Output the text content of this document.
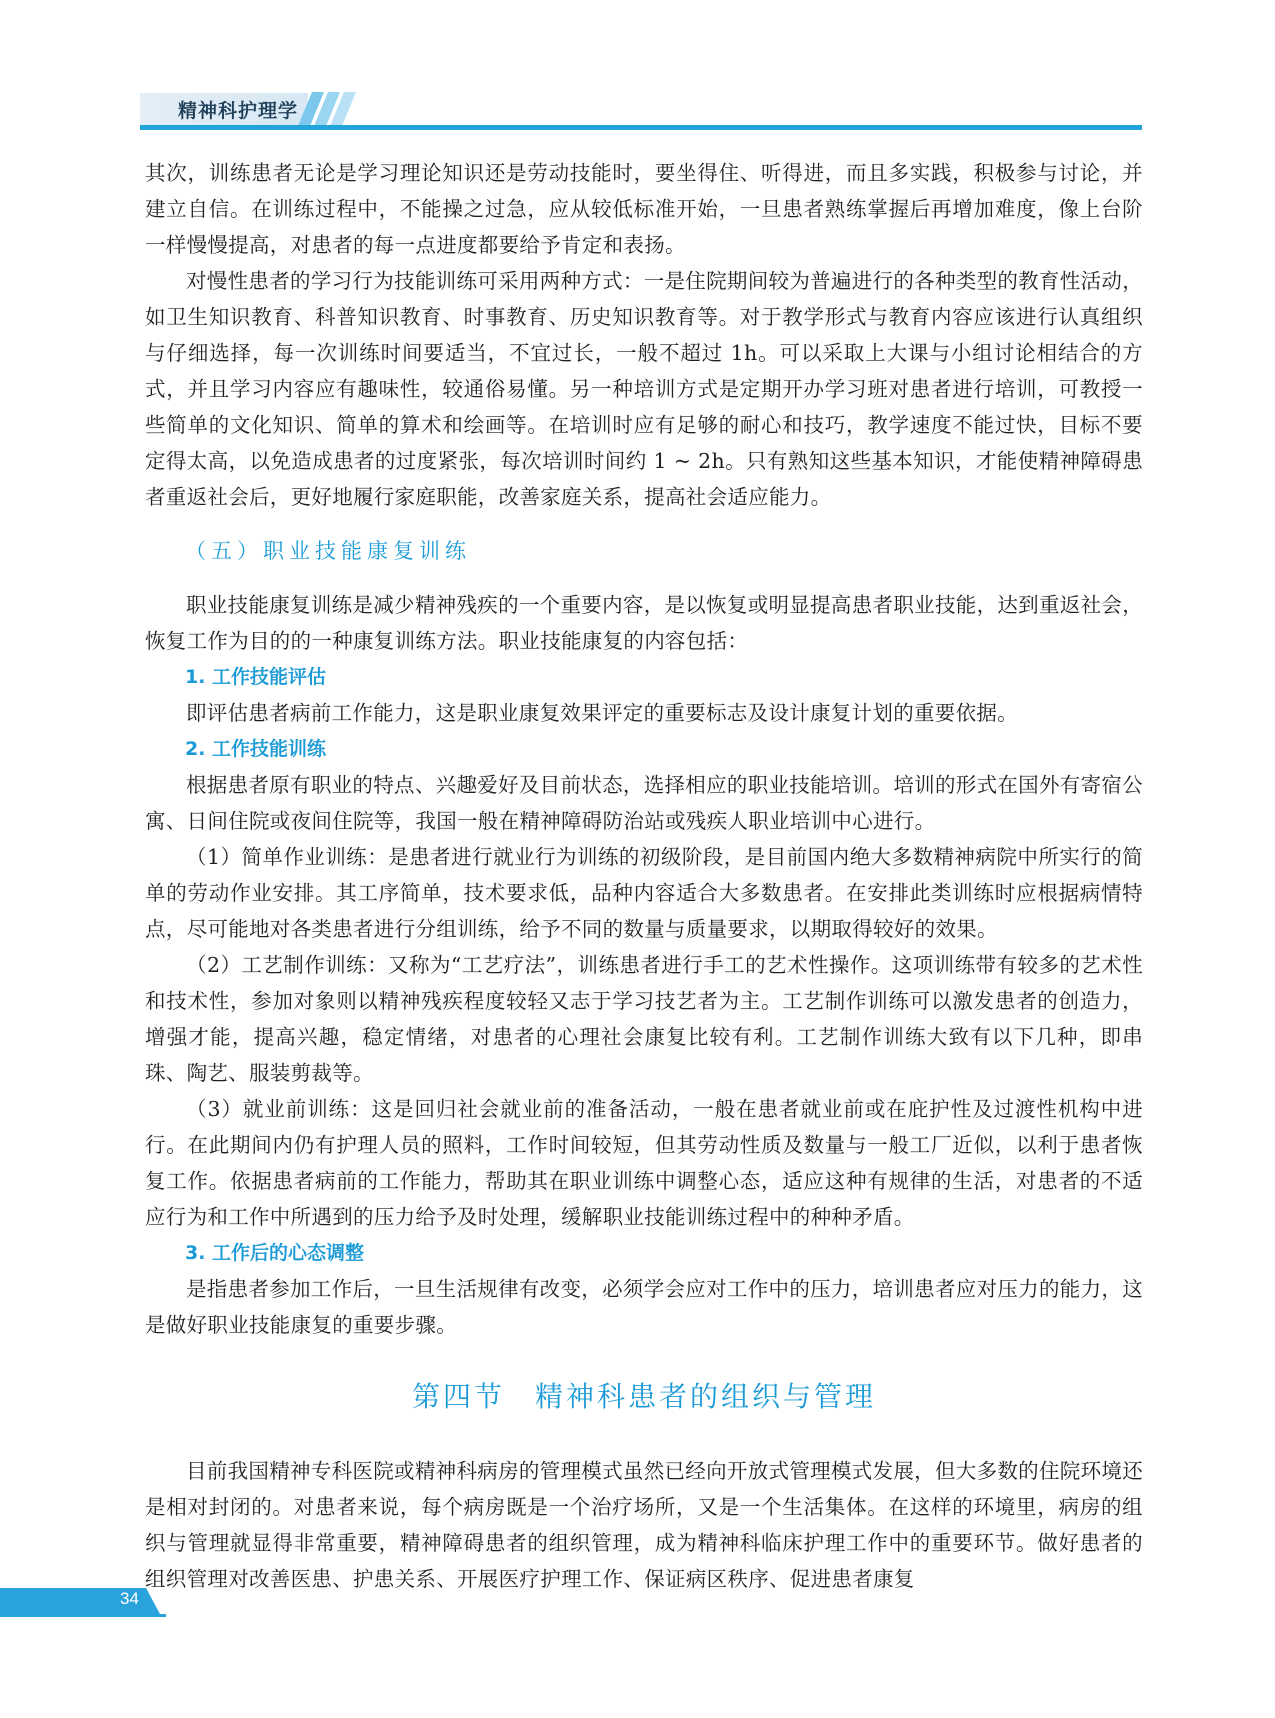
精神科护理学

其次，训练患者无论是学习理论知识还是劳动技能时，要坐得住、听得进，而且多实践，积极参与讨论，并建立自信。在训练过程中，不能操之过急，应从较低标准开始，一旦患者熟练掌握后再增加难度，像上台阶一样慢慢提高，对患者的每一点进度都要给予肯定和表扬。

对慢性患者的学习行为技能训练可采用两种方式：一是住院期间较为普遍进行的各种类型的教育性活动，如卫生知识教育、科普知识教育、时事教育、历史知识教育等。对于教学形式与教育内容应该进行认真组织与仔细选择，每一次训练时间要适当，不宜过长，一般不超过 1h。可以采取上大课与小组讨论相结合的方式，并且学习内容应有趣味性，较通俗易懂。另一种培训方式是定期开办学习班对患者进行培训，可教授一些简单的文化知识、简单的算术和绘画等。在培训时应有足够的耐心和技巧，教学速度不能过快，目标不要定得太高，以免造成患者的过度紧张，每次培训时间约 1 ~ 2h。只有熟知这些基本知识，才能使精神障碍患者重返社会后，更好地履行家庭职能，改善家庭关系，提高社会适应能力。

（五）职业技能康复训练

职业技能康复训练是减少精神残疾的一个重要内容，是以恢复或明显提高患者职业技能，达到重返社会，恢复工作为目的的一种康复训练方法。职业技能康复的内容包括：

1. 工作技能评估

即评估患者病前工作能力，这是职业康复效果评定的重要标志及设计康复计划的重要依据。

2. 工作技能训练

根据患者原有职业的特点、兴趣爱好及目前状态，选择相应的职业技能培训。培训的形式在国外有寄宿公寓、日间住院或夜间住院等，我国一般在精神障碍防治站或残疾人职业培训中心进行。

（1）简单作业训练：是患者进行就业行为训练的初级阶段，是目前国内绝大多数精神病院中所实行的简单的劳动作业安排。其工序简单，技术要求低，品种内容适合大多数患者。在安排此类训练时应根据病情特点，尽可能地对各类患者进行分组训练，给予不同的数量与质量要求，以期取得较好的效果。

（2）工艺制作训练：又称为“工艺疗法”，训练患者进行手工的艺术性操作。这项训练带有较多的艺术性和技术性，参加对象则以精神残疾程度较轻又志于学习技艺者为主。工艺制作训练可以激发患者的创造力，增强才能，提高兴趣，稳定情绪，对患者的心理社会康复比较有利。工艺制作训练大致有以下几种，即串珠、陶艺、服装剪裁等。

（3）就业前训练：这是回归社会就业前的准备活动，一般在患者就业前或在庇护性及过渡性机构中进行。在此期间内仍有护理人员的照料，工作时间较短，但其劳动性质及数量与一般工厂近似，以利于患者恢复工作。依据患者病前的工作能力，帮助其在职业训练中调整心态，适应这种有规律的生活，对患者的不适应行为和工作中所遇到的压力给予及时处理，缓解职业技能训练过程中的种种矛盾。

3. 工作后的心态调整

是指患者参加工作后，一旦生活规律有改变，必须学会应对工作中的压力，培训患者应对压力的能力，这是做好职业技能康复的重要步骤。

第四节 精神科患者的组织与管理

目前我国精神专科医院或精神科病房的管理模式虽然已经向开放式管理模式发展，但大多数的住院环境还是相对封闭的。对患者来说，每个病房既是一个治疗场所，又是一个生活集体。在这样的环境里，病房的组织与管理就显得非常重要，精神障碍患者的组织管理，成为精神科临床护理工作中的重要环节。做好患者的组织管理对改善医患、护患关系、开展医疗护理工作、保证病区秩序、促进患者康复

34
